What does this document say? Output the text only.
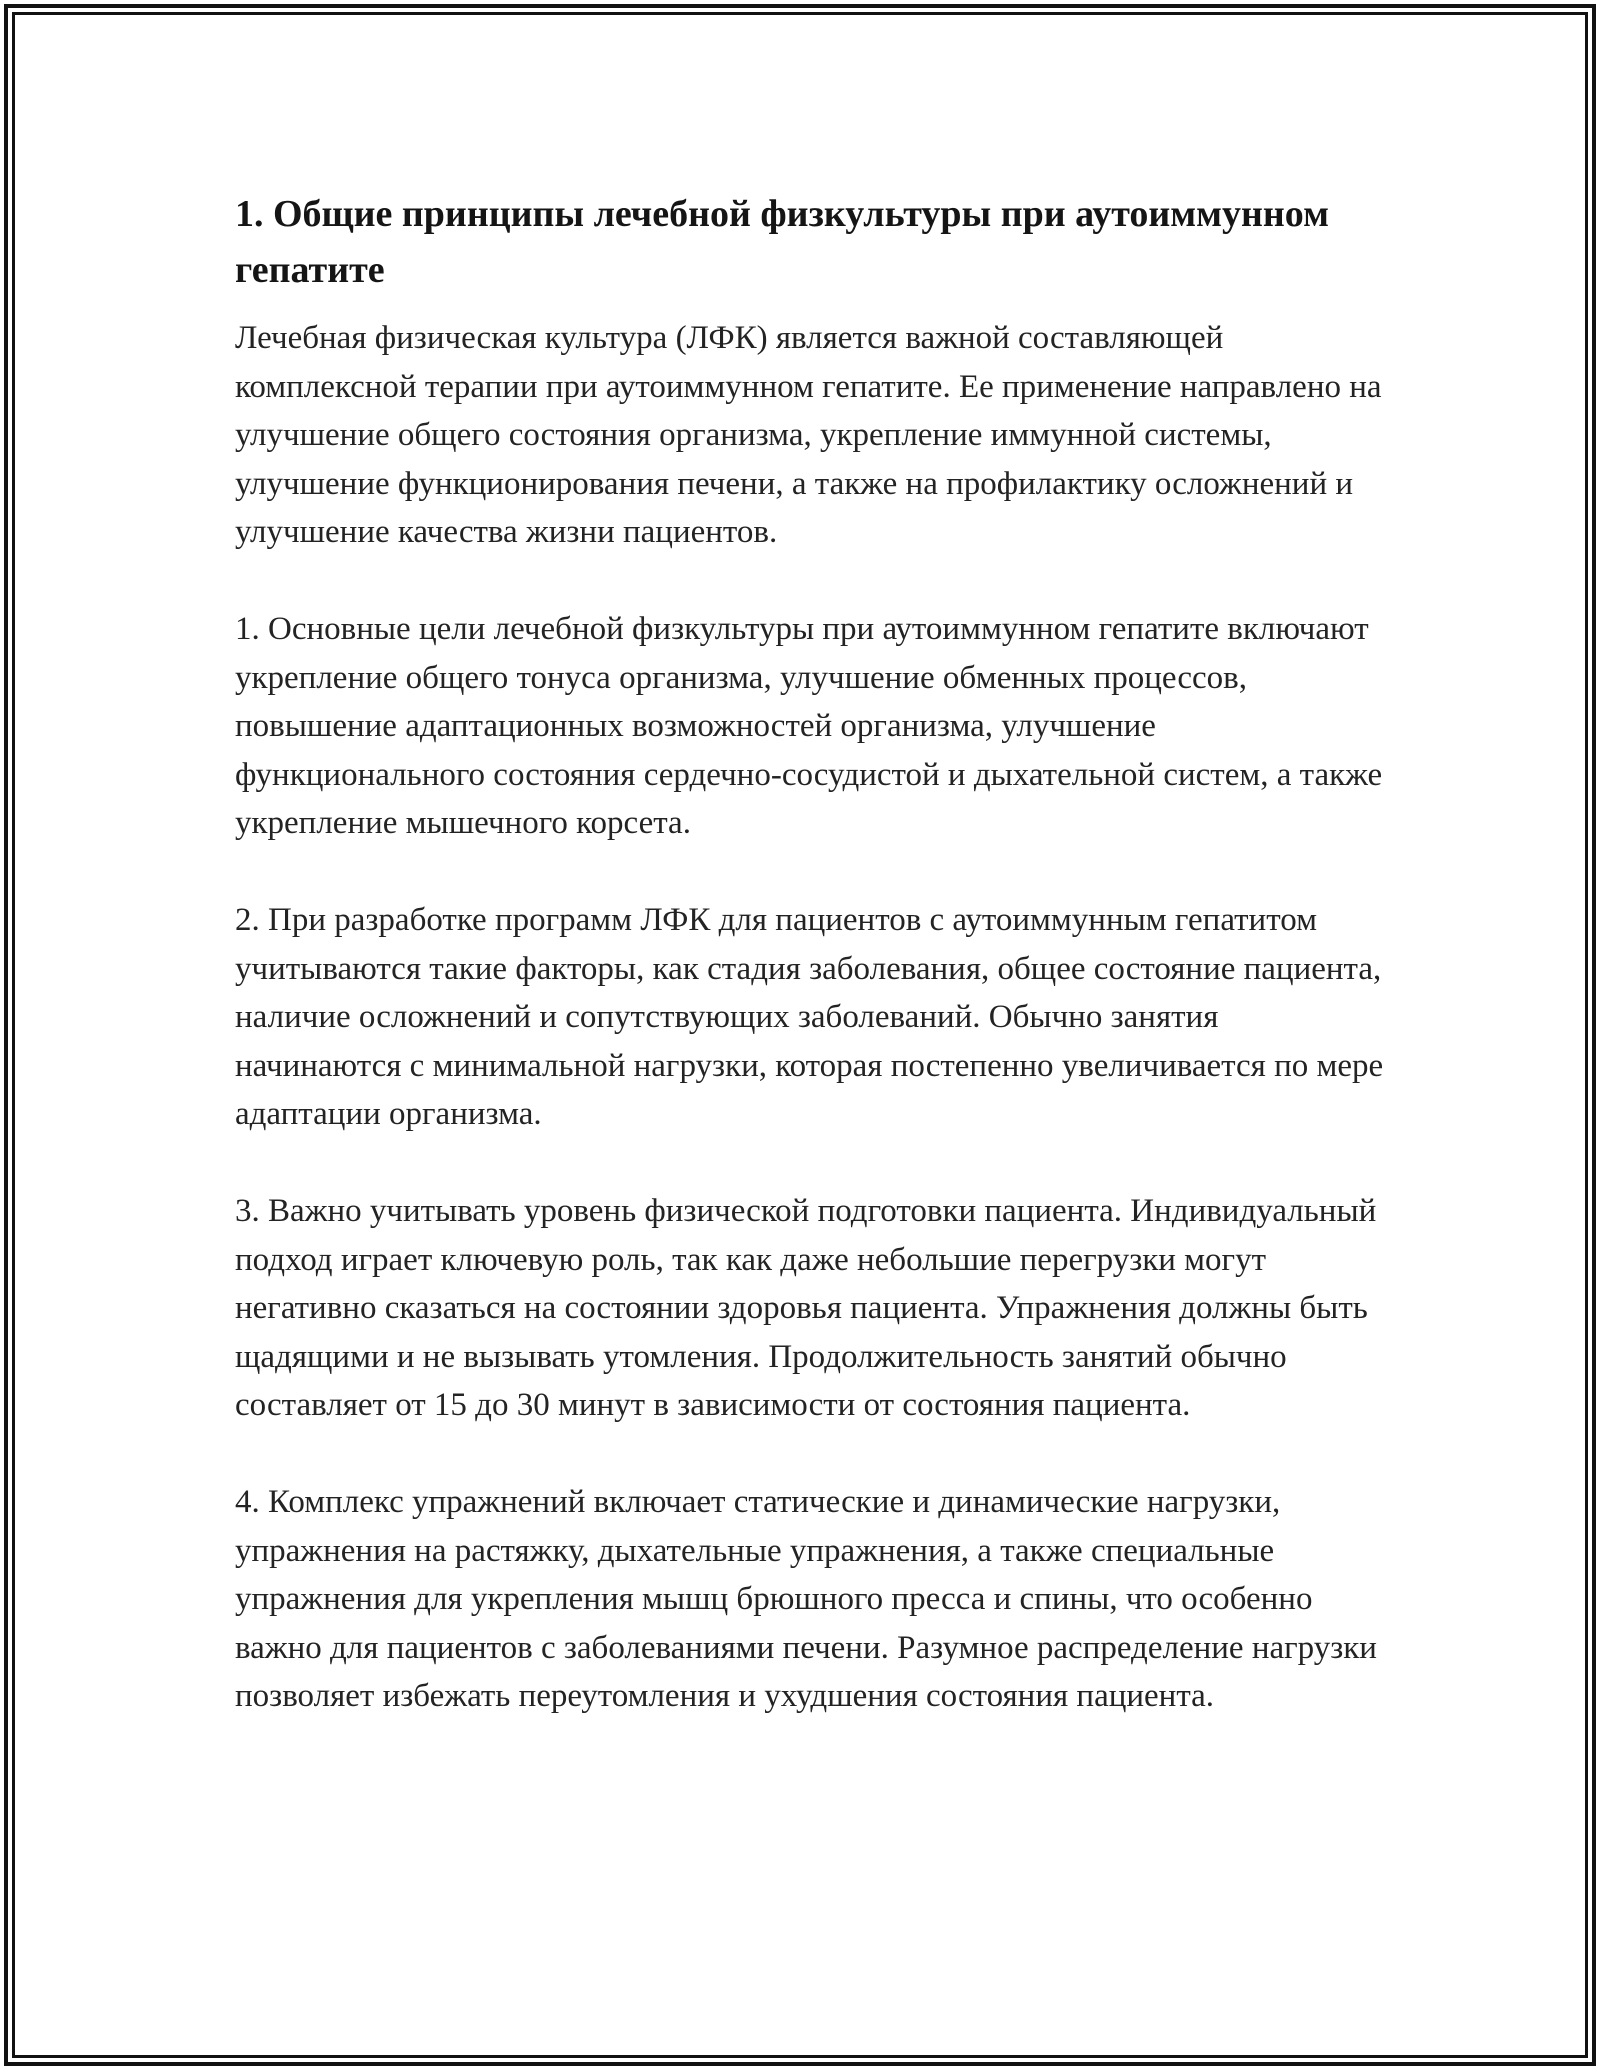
1. Общие принципы лечебной физкультуры при аутоиммунном гепатите

Лечебная физическая культура (ЛФК) является важной составляющей комплексной терапии при аутоиммунном гепатите. Ее применение направлено на улучшение общего состояния организма, укрепление иммунной системы, улучшение функционирования печени, а также на профилактику осложнений и улучшение качества жизни пациентов.

1. Основные цели лечебной физкультуры при аутоиммунном гепатите включают укрепление общего тонуса организма, улучшение обменных процессов, повышение адаптационных возможностей организма, улучшение функционального состояния сердечно-сосудистой и дыхательной систем, а также укрепление мышечного корсета.

2. При разработке программ ЛФК для пациентов с аутоиммунным гепатитом учитываются такие факторы, как стадия заболевания, общее состояние пациента, наличие осложнений и сопутствующих заболеваний. Обычно занятия начинаются с минимальной нагрузки, которая постепенно увеличивается по мере адаптации организма.

3. Важно учитывать уровень физической подготовки пациента. Индивидуальный подход играет ключевую роль, так как даже небольшие перегрузки могут негативно сказаться на состоянии здоровья пациента. Упражнения должны быть щадящими и не вызывать утомления. Продолжительность занятий обычно составляет от 15 до 30 минут в зависимости от состояния пациента.

4. Комплекс упражнений включает статические и динамические нагрузки, упражнения на растяжку, дыхательные упражнения, а также специальные упражнения для укрепления мышц брюшного пресса и спины, что особенно важно для пациентов с заболеваниями печени. Разумное распределение нагрузки позволяет избежать переутомления и ухудшения состояния пациента.
